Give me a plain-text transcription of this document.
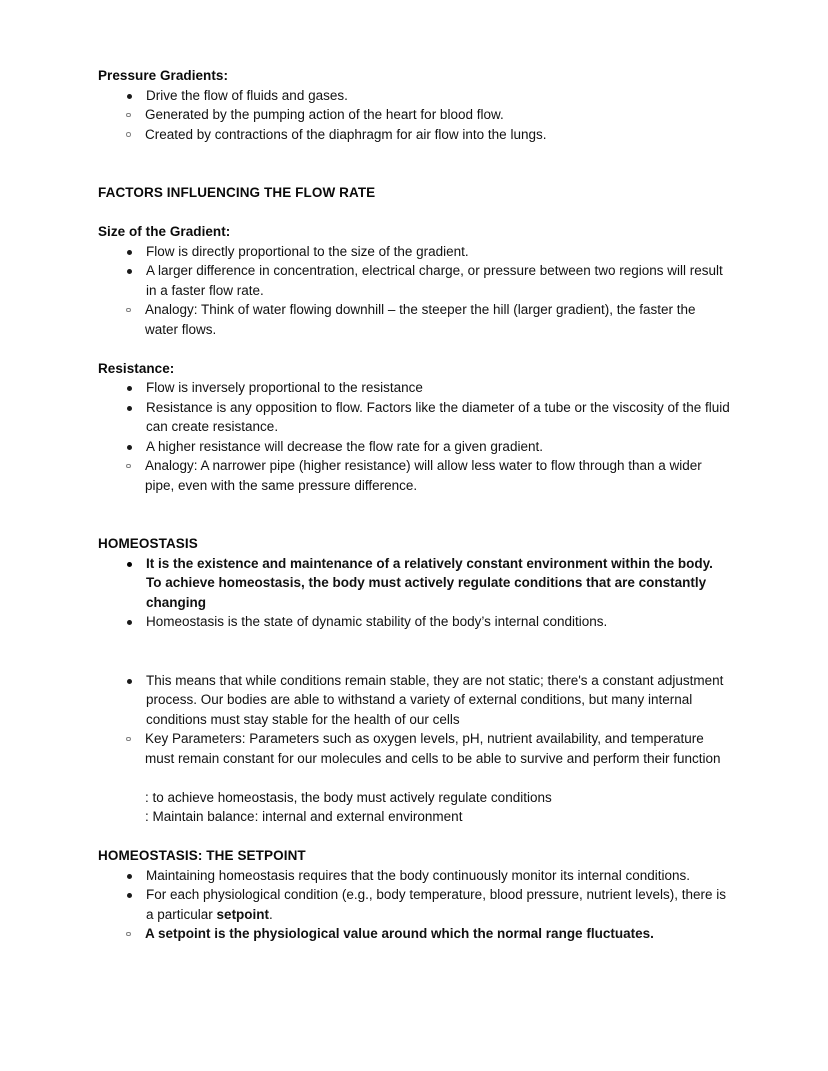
Pressure Gradients:
Drive the flow of fluids and gases.
Generated by the pumping action of the heart for blood flow.
Created by contractions of the diaphragm for air flow into the lungs.
FACTORS INFLUENCING THE FLOW RATE
Size of the Gradient:
Flow is directly proportional to the size of the gradient.
A larger difference in concentration, electrical charge, or pressure between two regions will result in a faster flow rate.
Analogy: Think of water flowing downhill – the steeper the hill (larger gradient), the faster the water flows.
Resistance:
Flow is inversely proportional to the resistance
Resistance is any opposition to flow. Factors like the diameter of a tube or the viscosity of the fluid can create resistance.
A higher resistance will decrease the flow rate for a given gradient.
Analogy: A narrower pipe (higher resistance) will allow less water to flow through than a wider pipe, even with the same pressure difference.
HOMEOSTASIS
It is the existence and maintenance of a relatively constant environment within the body. To achieve homeostasis, the body must actively regulate conditions that are constantly changing
Homeostasis is the state of dynamic stability of the body’s internal conditions.
This means that while conditions remain stable, they are not static; there's a constant adjustment process. Our bodies are able to withstand a variety of external conditions, but many internal conditions must stay stable for the health of our cells
Key Parameters: Parameters such as oxygen levels, pH, nutrient availability, and temperature must remain constant for our molecules and cells to be able to survive and perform their function
: to achieve homeostasis, the body must actively regulate conditions
: Maintain balance: internal and external environment
HOMEOSTASIS: THE SETPOINT
Maintaining homeostasis requires that the body continuously monitor its internal conditions.
For each physiological condition (e.g., body temperature, blood pressure, nutrient levels), there is a particular setpoint.
A setpoint is the physiological value around which the normal range fluctuates.
